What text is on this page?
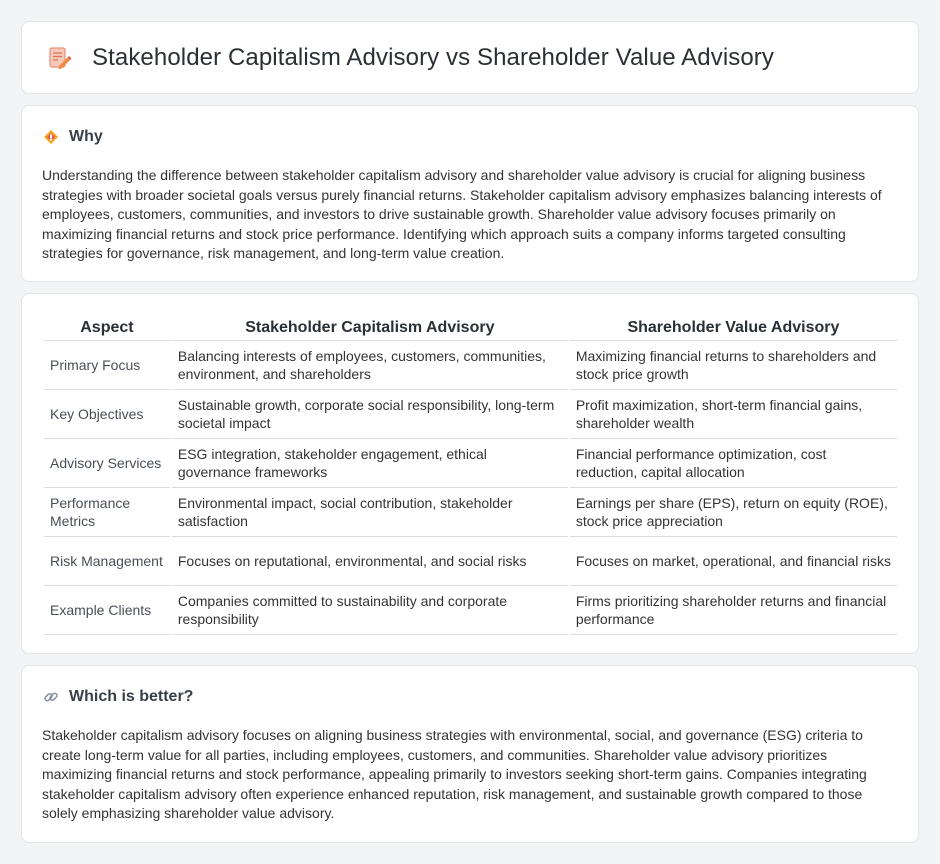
Stakeholder Capitalism Advisory vs Shareholder Value Advisory
Why

Understanding the difference between stakeholder capitalism advisory and shareholder value advisory is crucial for aligning business strategies with broader societal goals versus purely financial returns. Stakeholder capitalism advisory emphasizes balancing interests of employees, customers, communities, and investors to drive sustainable growth. Shareholder value advisory focuses primarily on maximizing financial returns and stock price performance. Identifying which approach suits a company informs targeted consulting strategies for governance, risk management, and long-term value creation.

Aspect	Stakeholder Capitalism Advisory	Shareholder Value Advisory
Primary Focus	Balancing interests of employees, customers, communities, environment, and shareholders	Maximizing financial returns to shareholders and stock price growth
Key Objectives	Sustainable growth, corporate social responsibility, long-term societal impact	Profit maximization, short-term financial gains, shareholder wealth
Advisory Services	ESG integration, stakeholder engagement, ethical governance frameworks	Financial performance optimization, cost reduction, capital allocation
Performance Metrics	Environmental impact, social contribution, stakeholder satisfaction	Earnings per share (EPS), return on equity (ROE), stock price appreciation
Risk Management	Focuses on reputational, environmental, and social risks	Focuses on market, operational, and financial risks
Example Clients	Companies committed to sustainability and corporate responsibility	Firms prioritizing shareholder returns and financial performance
Which is better?

Stakeholder capitalism advisory focuses on aligning business strategies with environmental, social, and governance (ESG) criteria to create long-term value for all parties, including employees, customers, and communities. Shareholder value advisory prioritizes maximizing financial returns and stock performance, appealing primarily to investors seeking short-term gains. Companies integrating stakeholder capitalism advisory often experience enhanced reputation, risk management, and sustainable growth compared to those solely emphasizing shareholder value advisory.
